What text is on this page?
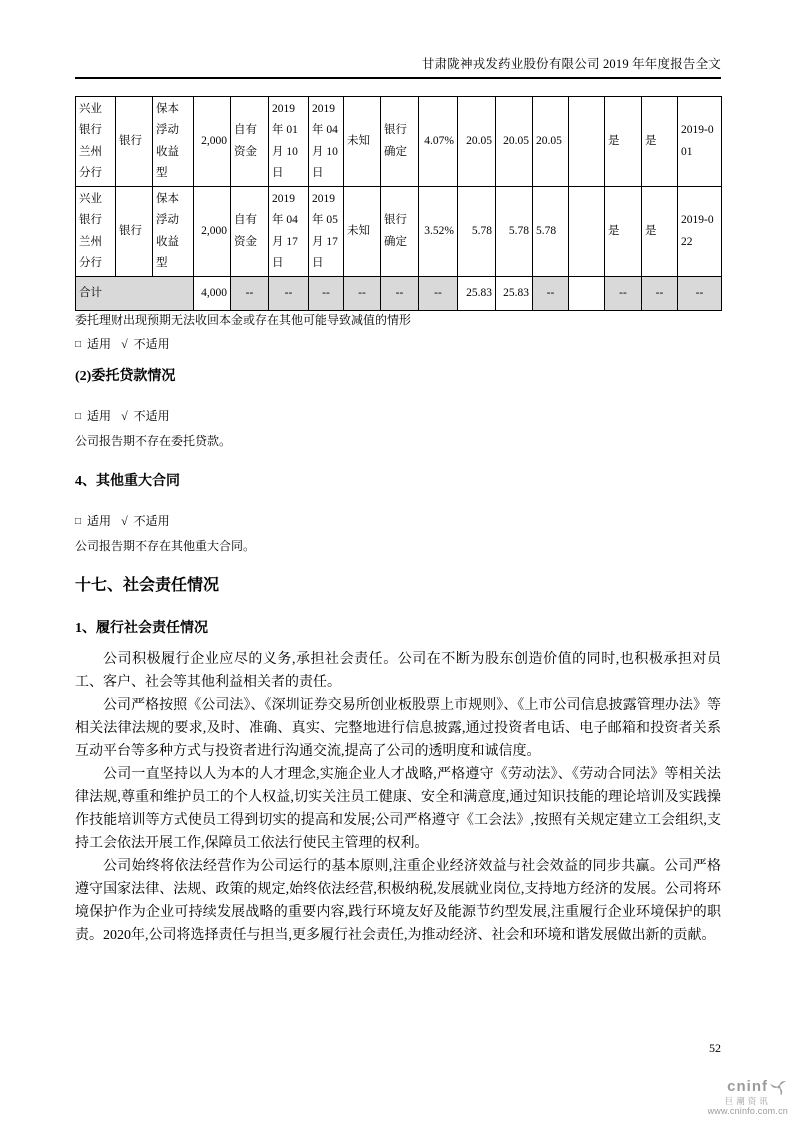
甘肃陇神戎发药业股份有限公司 2019 年年度报告全文
兴业银行兰州分行	银行	保本浮动收益型	2,000	自有资金	2019 年 01 月 10 日	2019 年 04 月 10 日	未知	银行确定	4.07%	20.05	20.05	20.05		是	是	2019-001
兴业银行兰州分行	银行	保本浮动收益型	2,000	自有资金	2019 年 04 月 17 日	2019 年 05 月 17 日	未知	银行确定	3.52%	5.78	5.78	5.78		是	是	2019-022
合计			4,000	--	--	--	--	--	--	25.83	25.83	--		--	--	--
委托理财出现预期无法收回本金或存在其他可能导致减值的情形
□ 适用 √ 不适用
(2)委托贷款情况
□ 适用 √ 不适用
公司报告期不存在委托贷款。
4、其他重大合同
□ 适用 √ 不适用
公司报告期不存在其他重大合同。
十七、社会责任情况
1、履行社会责任情况

公司积极履行企业应尽的义务,承担社会责任。公司在不断为股东创造价值的同时,也积极承担对员工、客户、社会等其他利益相关者的责任。

公司严格按照《公司法》、《深圳证券交易所创业板股票上市规则》、《上市公司信息披露管理办法》等相关法律法规的要求,及时、准确、真实、完整地进行信息披露,通过投资者电话、电子邮箱和投资者关系互动平台等多种方式与投资者进行沟通交流,提高了公司的透明度和诚信度。

公司一直坚持以人为本的人才理念,实施企业人才战略,严格遵守《劳动法》、《劳动合同法》等相关法律法规,尊重和维护员工的个人权益,切实关注员工健康、安全和满意度,通过知识技能的理论培训及实践操作技能培训等方式使员工得到切实的提高和发展;公司严格遵守《工会法》,按照有关规定建立工会组织,支持工会依法开展工作,保障员工依法行使民主管理的权利。

公司始终将依法经营作为公司运行的基本原则,注重企业经济效益与社会效益的同步共赢。公司严格遵守国家法律、法规、政策的规定,始终依法经营,积极纳税,发展就业岗位,支持地方经济的发展。公司将环境保护作为企业可持续发展战略的重要内容,践行环境友好及能源节约型发展,注重履行企业环境保护的职责。2020年,公司将选择责任与担当,更多履行社会责任,为推动经济、社会和环境和谐发展做出新的贡献。

52
cninf
巨潮资讯
www.cninfo.com.cn
